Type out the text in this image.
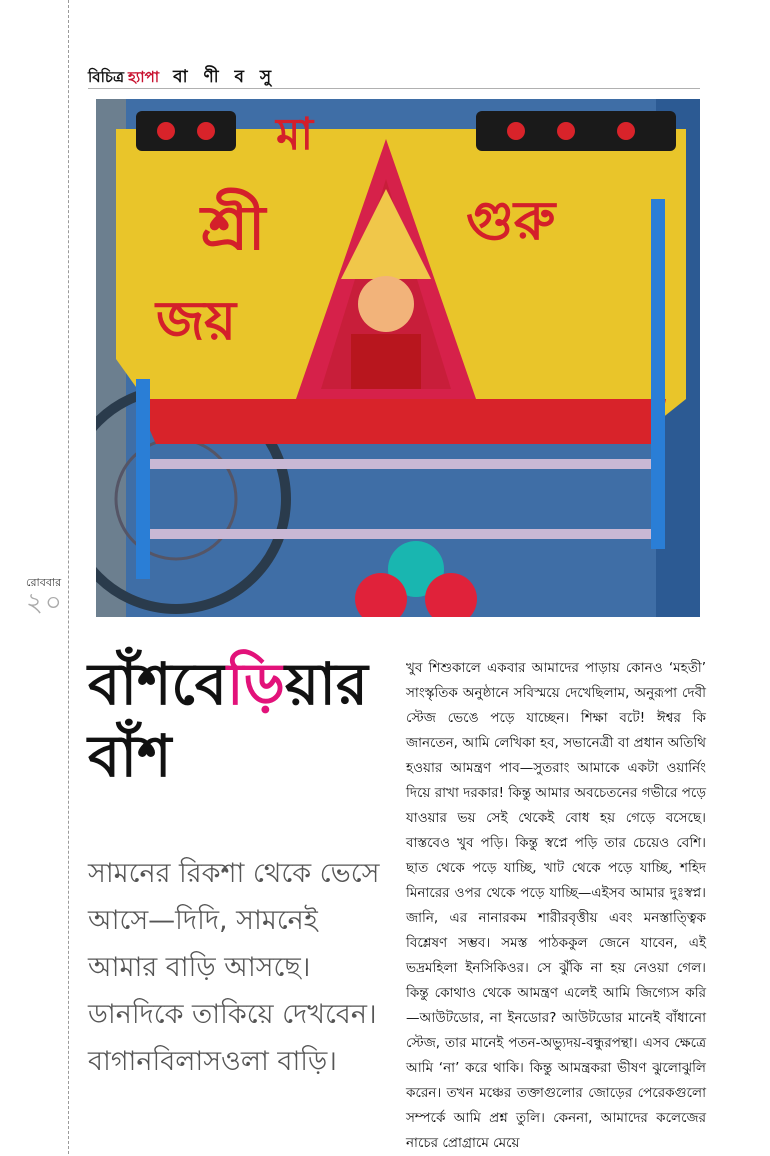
বিচিত্র হ্যাপা বা ণী ব সু
মা
শ্রী	গুরু
জয়
রোববার
২০
বাঁশবেড়িয়ার
বাঁশ
সামনের রিকশা থেকে ভেসে আসে—দিদি, সামনেই আমার বাড়ি আসছে। ডানদিকে তাকিয়ে দেখবেন। বাগানবিলাসওলা বাড়ি।
খুব শিশুকালে একবার আমাদের পাড়ায় কোনও ‘মহতী’ সাংস্কৃতিক অনুষ্ঠানে সবিস্ময়ে দেখেছিলাম, অনুরূপা দেবী স্টেজ ভেঙে পড়ে যাচ্ছেন। শিক্ষা বটে! ঈশ্বর কি জানতেন, আমি লেখিকা হব, সভানেত্রী বা প্রধান অতিথি হওয়ার আমন্ত্রণ পাব—সুতরাং আমাকে একটা ওয়ার্নিং দিয়ে রাখা দরকার! কিন্তু আমার অবচেতনের গভীরে পড়ে যাওয়ার ভয় সেই থেকেই বোধ হয় গেড়ে বসেছে। বাস্তবেও খুব পড়ি। কিন্তু স্বপ্নে পড়ি তার চেয়েও বেশি। ছাত থেকে পড়ে যাচ্ছি, খাট থেকে পড়ে যাচ্ছি, শহিদ মিনারের ওপর থেকে পড়ে যাচ্ছি—এইসব আমার দুঃস্বপ্ন। জানি, এর নানারকম শারীরবৃত্তীয় এবং মনস্তাত্ত্বিক বিশ্লেষণ সম্ভব। সমস্ত পাঠককুল জেনে যাবেন, এই ভদ্রমহিলা ইনসিকিওর। সে ঝুঁকি না হয় নেওয়া গেল। কিন্তু কোথাও থেকে আমন্ত্রণ এলেই আমি জিগ্যেস করি—আউটডোর, না ইনডোর? আউটডোর মানেই বাঁধানো স্টেজ, তার মানেই পতন-অভ্যুদয়-বন্ধুরপন্থা। এসব ক্ষেত্রে আমি ‘না’ করে থাকি। কিন্তু আমন্ত্রকরা ভীষণ ঝুলোঝুলি করেন। তখন মঞ্চের তক্তাগুলোর জোড়ের পেরেকগুলো সম্পর্কে আমি প্রশ্ন তুলি। কেননা, আমাদের কলেজের নাচের প্রোগ্রামে মেয়ে
